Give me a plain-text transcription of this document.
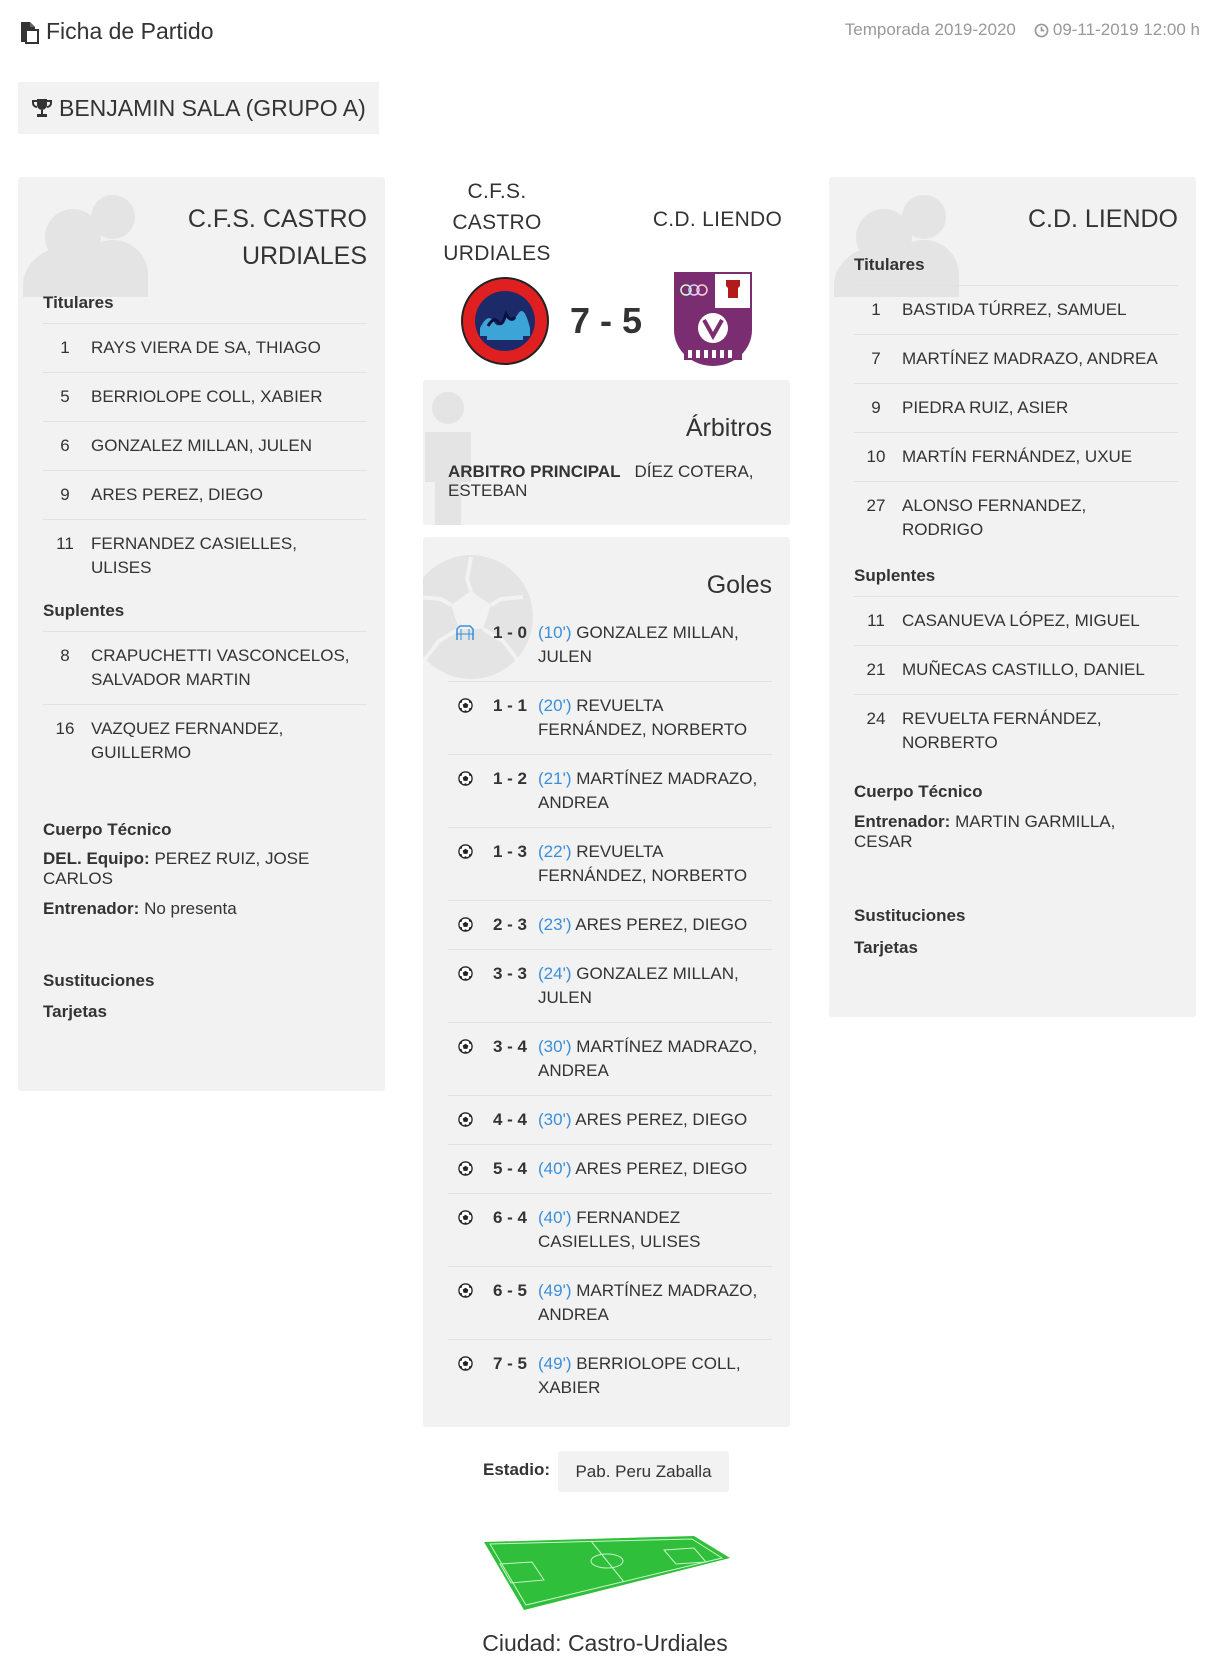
Ficha de Partido	Temporada 2019-2020 09-11-2019 12:00 h
BENJAMIN SALA (GRUPO A)
C.F.S. CASTRO
URDIALES
Titulares
1	RAYS VIERA DE SA, THIAGO
5	BERRIOLOPE COLL, XABIER
6	GONZALEZ MILLAN, JULEN
9	ARES PEREZ, DIEGO
11	FERNANDEZ CASIELLES, ULISES
Suplentes
8	CRAPUCHETTI VASCONCELOS, SALVADOR MARTIN
16 VAZQUEZ FERNANDEZ, GUILLERMO
Cuerpo Técnico
DEL. Equipo: PEREZ RUIZ, JOSE CARLOS
Entrenador: No presenta
Sustituciones
Tarjetas
C.F.S.
CASTRO
URDIALES
C.D. LIENDO
7 - 5
Árbitros
ARBITRO PRINCIPAL DÍEZ COTERA, ESTEBAN
Goles
1 - 0 (10') GONZALEZ MILLAN, JULEN
1 - 1 (20') REVUELTA FERNÁNDEZ, NORBERTO
1 - 2 (21') MARTÍNEZ MADRAZO, ANDREA
1 - 3 (22') REVUELTA FERNÁNDEZ, NORBERTO
2 - 3 (23') ARES PEREZ, DIEGO
3 - 3 (24') GONZALEZ MILLAN, JULEN
3 - 4 (30') MARTÍNEZ MADRAZO, ANDREA
4 - 4 (30') ARES PEREZ, DIEGO
5 - 4 (40') ARES PEREZ, DIEGO
6 - 4 (40') FERNANDEZ CASIELLES, ULISES
6 - 5 (49') MARTÍNEZ MADRAZO, ANDREA
7 - 5 (49') BERRIOLOPE COLL, XABIER
C.D. LIENDO
Titulares
1	BASTIDA TÚRREZ, SAMUEL
7	MARTÍNEZ MADRAZO, ANDREA
9	PIEDRA RUIZ, ASIER
10 MARTÍN FERNÁNDEZ, UXUE
27 ALONSO FERNANDEZ, RODRIGO
Suplentes
11	CASANUEVA LÓPEZ, MIGUEL
21 MUÑECAS CASTILLO, DANIEL
24 REVUELTA FERNÁNDEZ, NORBERTO
Cuerpo Técnico
Entrenador: MARTIN GARMILLA, CESAR
Sustituciones
Tarjetas
Estadio:	Pab. Peru Zaballa
Ciudad: Castro-Urdiales
